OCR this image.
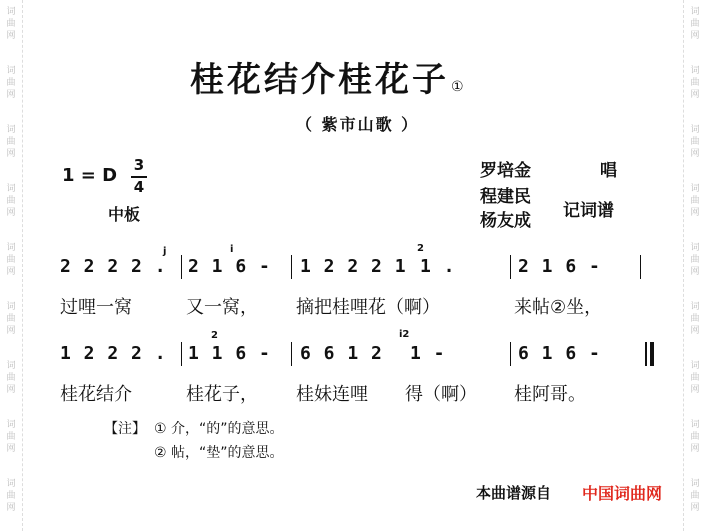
词
曲
网
词
曲
网
词
曲
网
词
曲
网
词
曲
网
词
曲
网
词
曲
网
词
曲
网
词
曲
网
词
曲
网
词
曲
网
词
曲
网
词
曲
网
词
曲
网
词
曲
网
词
曲
网
词
曲
网
词
曲
网
桂花结介桂花子 ①
（ 紫市山歌 ）
1 = D 3
4
中板
罗培金	唱
程建民
杨友成 记词谱
2 2 2 2 . 2 1 6 - 1 2 2 2 1 1 .	2 1 6 -
j	i	2
过哩一窝	又一窝， 摘把桂哩花（啊）	来帖②坐，
1 2 2 2 . 1 1 6 - 6 6 1 2 1 -	6 1 6 -
2	i2
桂花结介	桂花子， 桂妹连哩 得（啊） 桂阿哥。
【注】 ① 介，“的”的意思。
② 帖，“垫”的意思。
本曲谱源自 中国词曲网
